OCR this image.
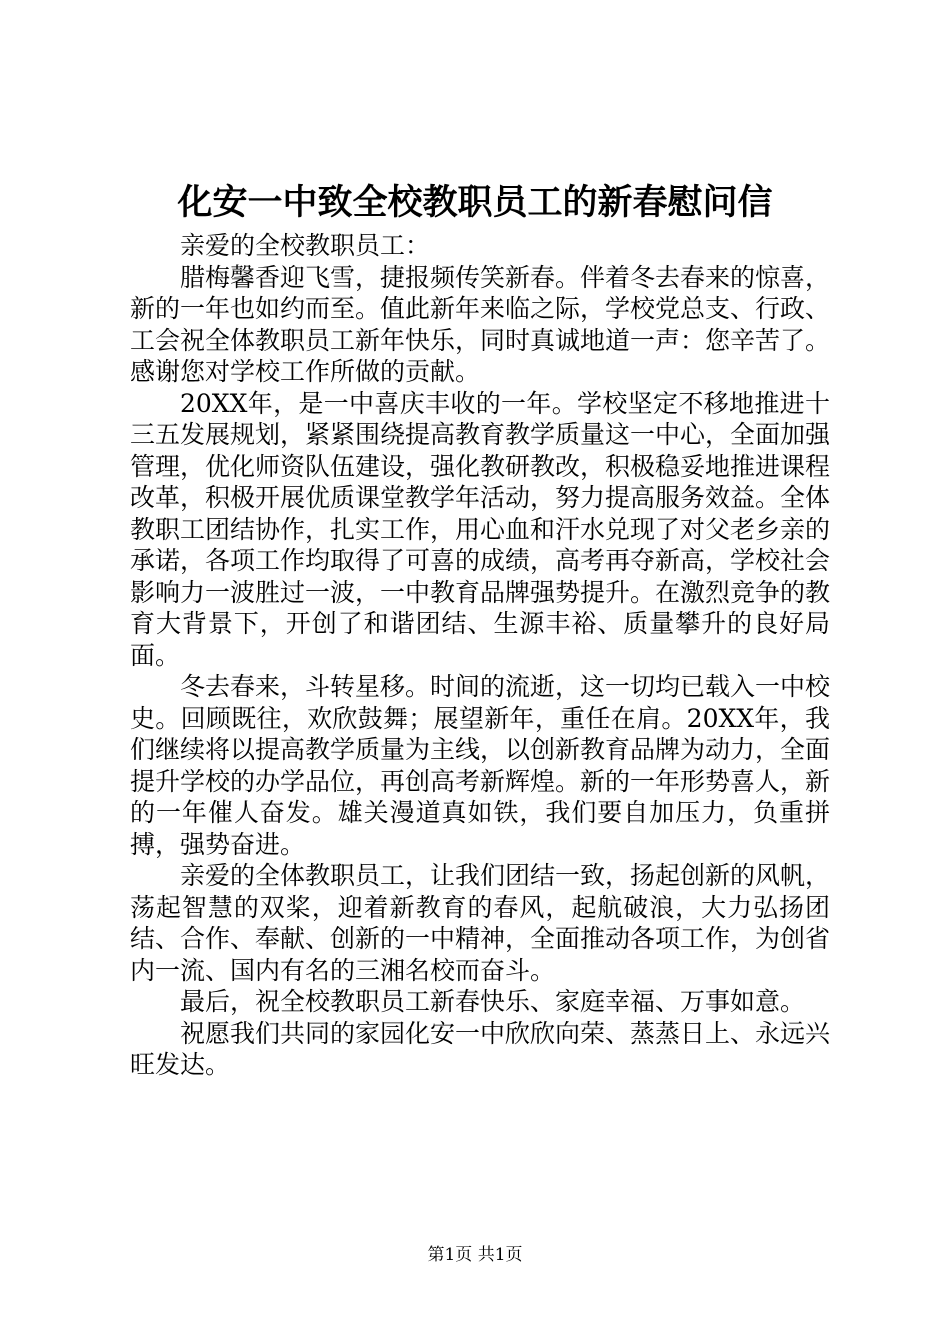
化安一中致全校教职员工的新春慰问信

亲爱的全校教职员工：

腊梅馨香迎飞雪，捷报频传笑新春。伴着冬去春来的惊喜，新的一年也如约而至。值此新年来临之际，学校党总支、行政、工会祝全体教职员工新年快乐，同时真诚地道一声：您辛苦了。感谢您对学校工作所做的贡献。

20XX年，是一中喜庆丰收的一年。学校坚定不移地推进十三五发展规划，紧紧围绕提高教育教学质量这一中心，全面加强管理，优化师资队伍建设，强化教研教改，积极稳妥地推进课程改革，积极开展优质课堂教学年活动，努力提高服务效益。全体教职工团结协作，扎实工作，用心血和汗水兑现了对父老乡亲的承诺，各项工作均取得了可喜的成绩，高考再夺新高，学校社会影响力一波胜过一波，一中教育品牌强势提升。在激烈竞争的教育大背景下，开创了和谐团结、生源丰裕、质量攀升的良好局面。

冬去春来，斗转星移。时间的流逝，这一切均已载入一中校史。回顾既往，欢欣鼓舞；展望新年，重任在肩。20XX年，我们继续将以提高教学质量为主线，以创新教育品牌为动力，全面提升学校的办学品位，再创高考新辉煌。新的一年形势喜人，新的一年催人奋发。雄关漫道真如铁，我们要自加压力，负重拼搏，强势奋进。

亲爱的全体教职员工，让我们团结一致，扬起创新的风帆，荡起智慧的双桨，迎着新教育的春风，起航破浪，大力弘扬团结、合作、奉献、创新的一中精神，全面推动各项工作，为创省内一流、国内有名的三湘名校而奋斗。

最后，祝全校教职员工新春快乐、家庭幸福、万事如意。

祝愿我们共同的家园化安一中欣欣向荣、蒸蒸日上、永远兴旺发达。

第1页 共1页
